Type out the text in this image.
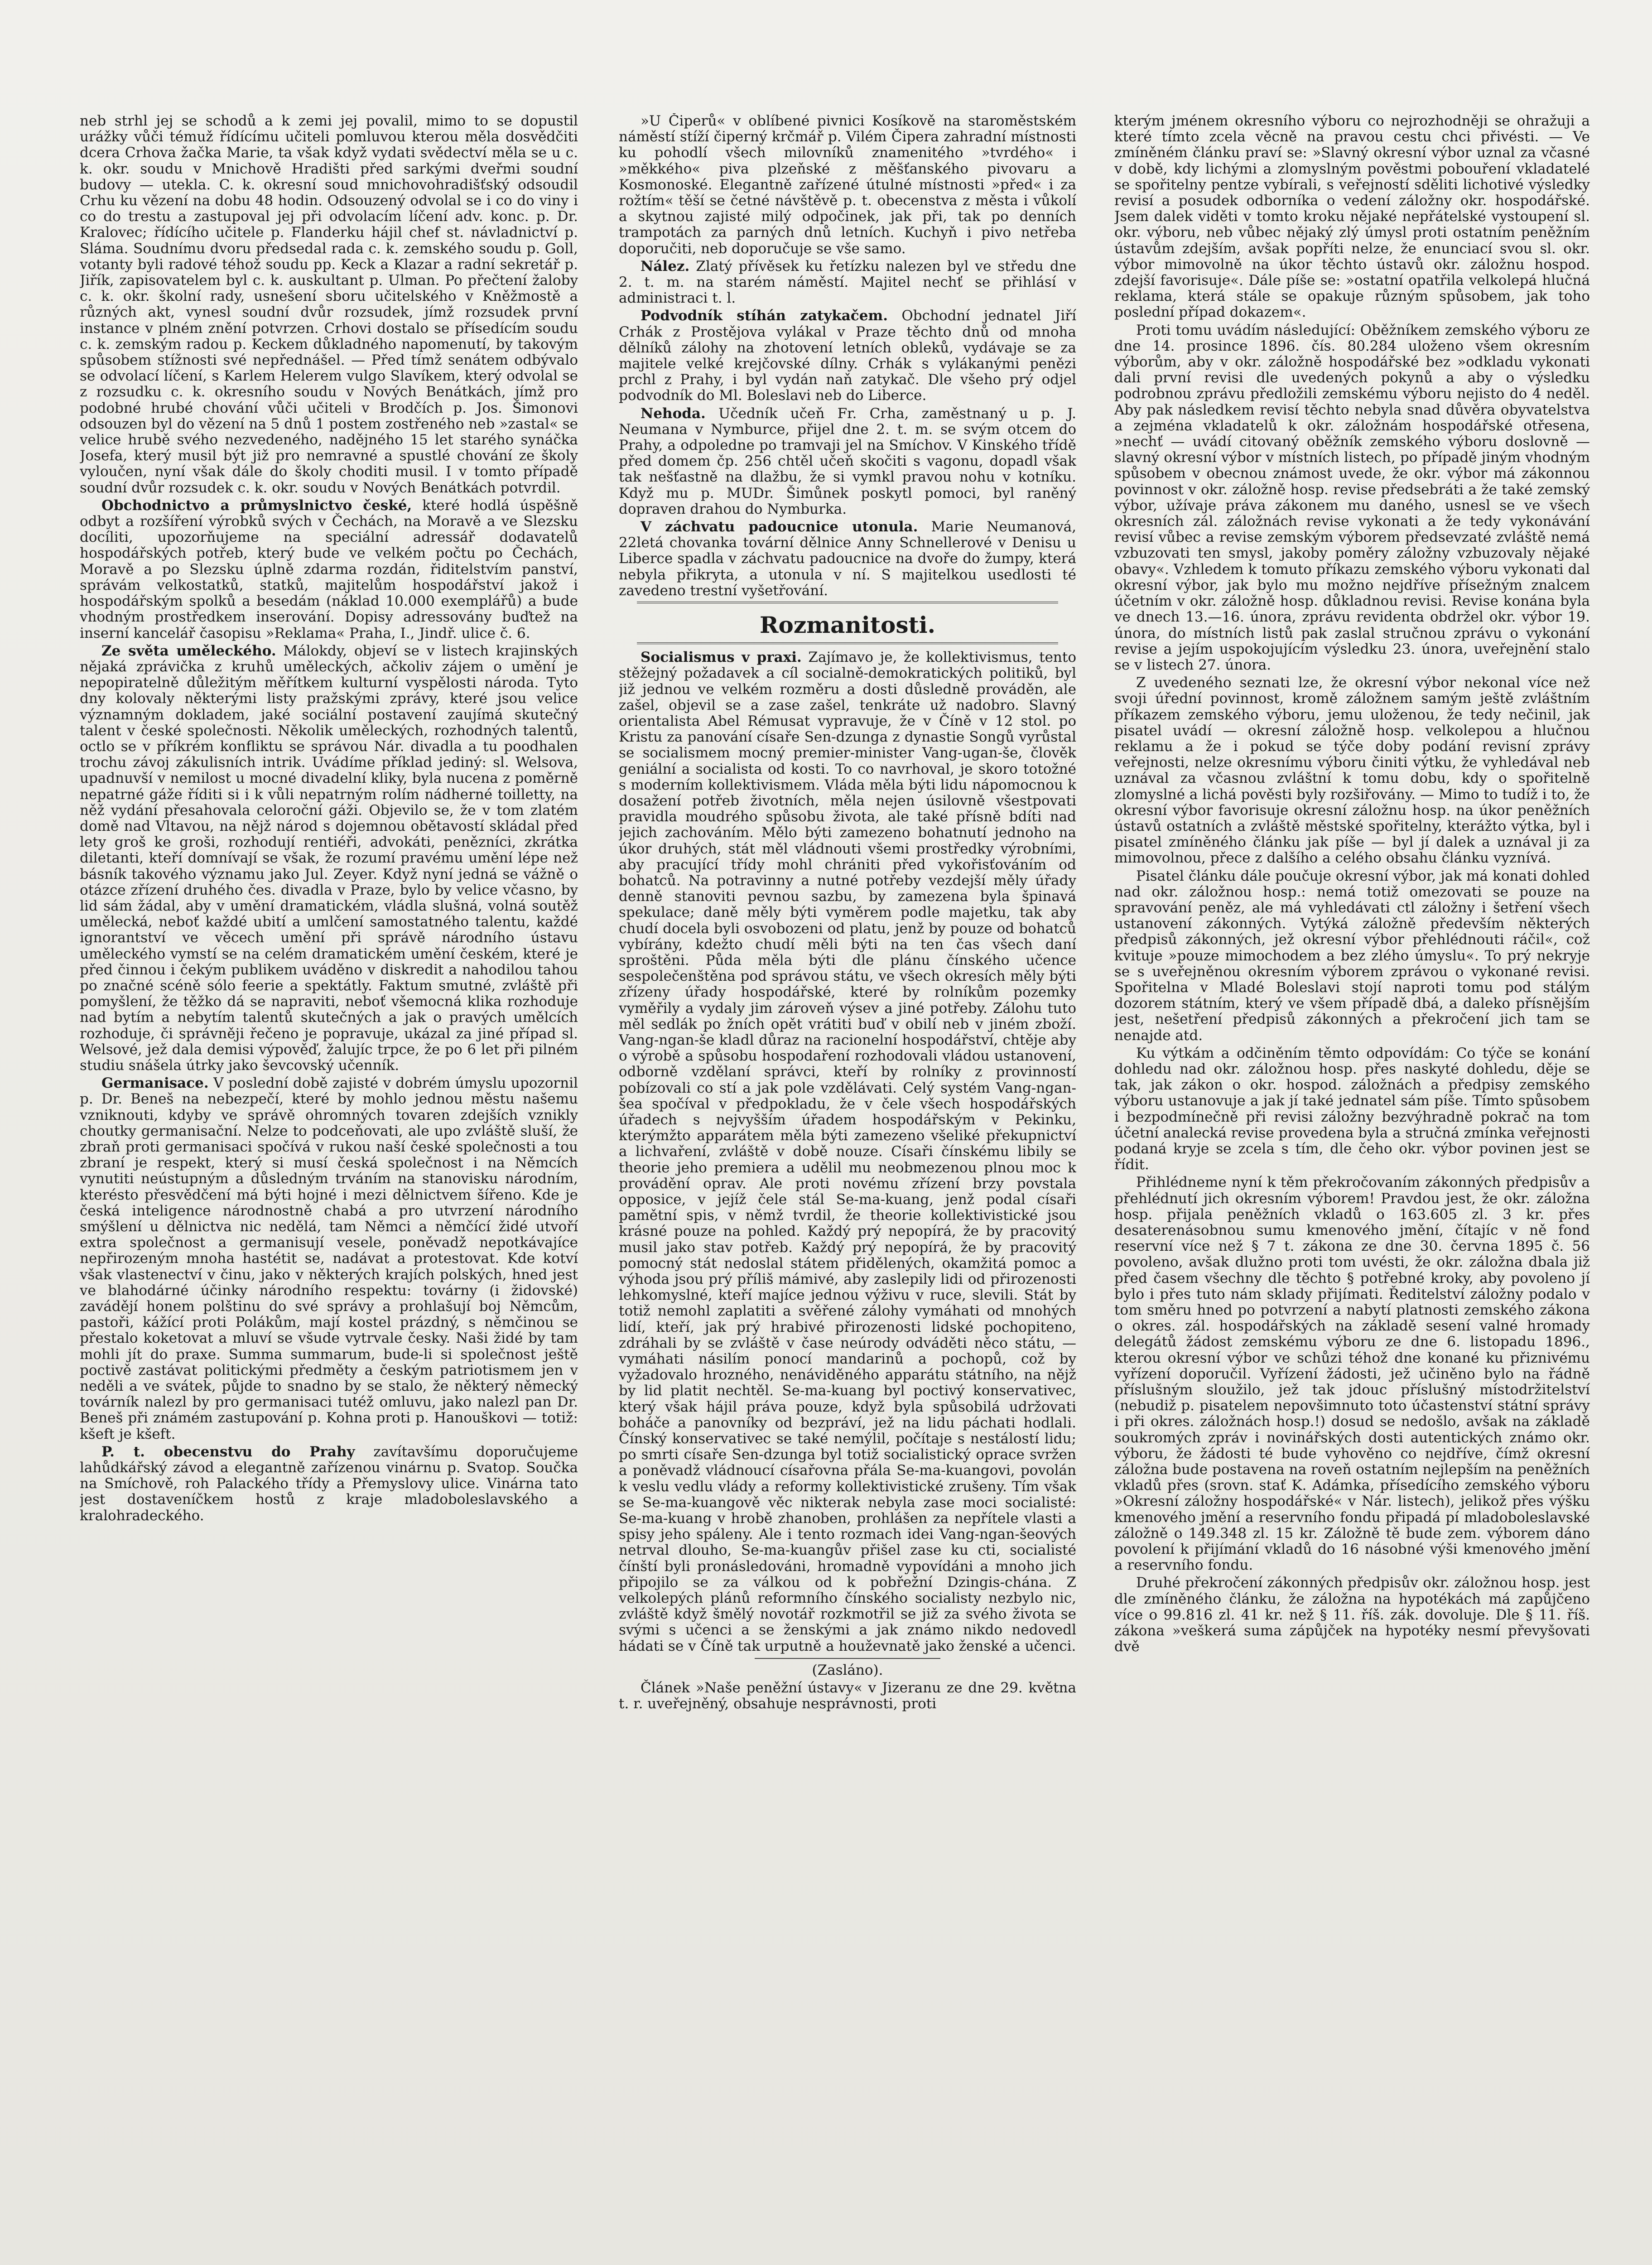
neb strhl jej se schodů a k zemi jej povalil, mimo to se dopustil urážky vůči témuž řídícímu učiteli pomluvou kterou měla dosvědčiti dcera Crhova žačka Marie, ta však když vydati svědectví měla se u c. k. okr. soudu v Mnichově Hradišti před sarkými dveřmi soudní budovy — utekla. C. k. okresní soud mnichovohradišťský odsoudil Crhu ku vězení na dobu 48 hodin. Odsouzený odvolal se i co do viny i co do trestu a zastupoval jej při odvolacím líčení adv. konc. p. Dr. Kralovec; řídícího učitele p. Flanderku hájil chef st. návladnictví p. Sláma. Soudnímu dvoru předsedal rada c. k. zemského soudu p. Goll, votanty byli radové téhož soudu pp. Keck a Klazar a radní sekretář p. Jiřík, zapisovatelem byl c. k. auskultant p. Ulman. Po přečtení žaloby c. k. okr. školní rady, usnešení sboru učitelského v Kněžmostě a různých akt, vynesl soudní dvůr rozsudek, jímž rozsudek první instance v plném znění potvrzen. Crhovi dostalo se přísedícím soudu c. k. zemským radou p. Keckem důkladného napomenutí, by takovým spůsobem stížnosti své nepřednášel. — Před tímž senátem odbývalo se odvolací líčení, s Karlem Helerem vulgo Slavíkem, který odvolal se z rozsudku c. k. okresního soudu v Nových Benátkách, jímž pro podobné hrubé chování vůči učiteli v Brodčích p. Jos. Šimonovi odsouzen byl do vězení na 5 dnů 1 postem zostřeného neb »zastal« se velice hrubě svého nezvedeného, nadějného 15 let starého synáčka Josefa, který musil být již pro nemravné a spustlé chování ze školy vyloučen, nyní však dále do školy choditi musil. I v tomto případě soudní dvůr rozsudek c. k. okr. soudu v Nových Benátkách potvrdil.

Obchodnictvo a průmyslnictvo české, které hodlá úspěšně odbyt a rozšíření výrobků svých v Čechách, na Moravě a ve Slezsku docíliti, upozorňujeme na speciální adressář dodavatelů hospodářských potřeb, který bude ve velkém počtu po Čechách, Moravě a po Slezsku úplně zdarma rozdán, řiditelstvím panství, správám velkostatků, statků, majitelům hospodářství jakož i hospodářským spolků a besedám (náklad 10.000 exemplářů) a bude vhodným prostředkem inserování. Dopisy adressovány buďtež na inserní kancelář časopisu »Reklama« Praha, I., Jindř. ulice č. 6.

Ze světa uměleckého. Málokdy, objeví se v listech krajinských nějaká zprávička z kruhů uměleckých, ačkoliv zájem o umění je nepopiratelně důležitým měřítkem kulturní vyspělosti národa. Tyto dny kolovaly některými listy pražskými zprávy, které jsou velice významným dokladem, jaké sociální postavení zaujímá skutečný talent v české společnosti. Několik uměleckých, rozhodných talentů, octlo se v příkrém konfliktu se správou Nár. divadla a tu poodhalen trochu závoj zákulisních intrik. Uvádíme příklad jediný: sl. Welsova, upadnuvší v nemilost u mocné divadelní kliky, byla nucena z poměrně nepatrné gáže říditi si i k vůli nepatrným rolím nádherné toilletty, na něž vydání přesahovala celoroční gáži. Objevilo se, že v tom zlatém domě nad Vltavou, na nějž národ s dojemnou obětavostí skládal před lety groš ke groši, rozhodují rentiéři, advokáti, penězníci, zkrátka diletanti, kteří domnívají se však, že rozumí pravému umění lépe než básník takového významu jako Jul. Zeyer. Když nyní jedná se vážně o otázce zřízení druhého čes. divadla v Praze, bylo by velice včasno, by lid sám žádal, aby v umění dramatickém, vládla slušná, volná soutěž umělecká, neboť každé ubití a umlčení samostatného talentu, každé ignorantství ve věcech umění při správě národního ústavu uměleckého vymstí se na celém dramatickém umění českém, které je před činnou i čekým publikem uváděno v diskredit a nahodilou tahou po značné scéně sólo feerie a spektátly. Faktum smutné, zvláště při pomyšlení, že těžko dá se napraviti, neboť všemocná klika rozhoduje nad bytím a nebytím talentů skutečných a jak o pravých umělcích rozhoduje, či správněji řečeno je popravuje, ukázal za jiné případ sl. Welsové, jež dala demisi výpověď, žalujíc trpce, že po 6 let při pilném studiu snášela útrky jako ševcovský učenník.

Germanisace. V poslední době zajisté v dobrém úmyslu upozornil p. Dr. Beneš na nebezpečí, které by mohlo jednou městu našemu vzniknouti, kdyby ve správě ohromných tovaren zdejších vznikly choutky germanisační. Nelze to podceňovati, ale upo zvláště sluší, že zbraň proti germanisaci spočívá v rukou naší české společnosti a tou zbraní je respekt, který si musí česká společnost i na Němcích vynutiti neústupným a důsledným trváním na stanovisku národním, kterésto přesvědčení má býti hojné i mezi dělnictvem šířeno. Kde je česká inteligence národnostně chabá a pro utvrzení národního smýšlení u dělnictva nic nedělá, tam Němci a němčící židé utvoří extra společnost a germanisují vesele, poněvadž nepotkávajíce nepřirozeným mnoha hastétit se, nadávat a protestovat. Kde kotví však vlastenectví v činu, jako v některých krajích polských, hned jest ve blahodárné účinky národního respektu: továrny (i židovské) zavádějí honem polštinu do své správy a prohlašují boj Němcům, pastoři, kážící proti Polákům, mají kostel prázdný, s němčinou se přestalo koketovat a mluví se všude vytrvale česky. Naši židé by tam mohli jít do praxe. Summa summarum, bude-li si společnost ještě poctivě zastávat politickými předměty a českým patriotismem jen v neděli a ve svátek, půjde to snadno by se stalo, že některý německý továrník nalezl by pro germanisaci tutéž omluvu, jako nalezl pan Dr. Beneš při známém zastupování p. Kohna proti p. Hanouškovi — totiž: kšeft je kšeft.

P. t. obecenstvu do Prahy zavítavšímu doporučujeme lahůdkářský závod a elegantně zařízenou vinárnu p. Svatop. Součka na Smíchově, roh Palackého třídy a Přemyslovy ulice. Vinárna tato jest dostaveníčkem hostů z kraje mladoboleslavského a kralohradeckého.

»U Čiperů« v oblíbené pivnici Kosíkově na staroměstském náměstí stíží čiperný krčmář p. Vilém Čipera zahradní místnosti ku pohodlí všech milovníků znamenitého »tvrdého« i »měkkého« piva plzeňské z měšťanského pivovaru a Kosmonoské. Elegantně zařízené útulné místnosti »před« i za rožtím« těší se četné návštěvě p. t. obecenstva z města i vůkolí a skytnou zajisté milý odpočinek, jak při, tak po denních trampotách za parných dnů letních. Kuchyň i pivo netřeba doporučiti, neb doporučuje se vše samo.

Nález. Zlatý přívěsek ku řetízku nalezen byl ve středu dne 2. t. m. na starém náměstí. Majitel nechť se přihlásí v administraci t. l.

Podvodník stíhán zatykačem. Obchodní jednatel Jiří Crhák z Prostějova vylákal v Praze těchto dnů od mnoha dělníků zálohy na zhotovení letních obleků, vydávaje se za majitele velké krejčovské dílny. Crhák s vylákanými penězi prchl z Prahy, i byl vydán naň zatykač. Dle všeho prý odjel podvodník do Ml. Boleslavi neb do Liberce.

Nehoda. Učedník učeň Fr. Crha, zaměstnaný u p. J. Neumana v Nymburce, přijel dne 2. t. m. se svým otcem do Prahy, a odpoledne po tramvaji jel na Smíchov. V Kinského třídě před domem čp. 256 chtěl učeň skočiti s vagonu, dopadl však tak nešťastně na dlažbu, že si vymkl pravou nohu v kotníku. Když mu p. MUDr. Šimůnek poskytl pomoci, byl raněný dopraven drahou do Nymburka.

V záchvatu padoucnice utonula. Marie Neumanová, 22letá chovanka tovární dělnice Anny Schnellerové v Denisu u Liberce spadla v záchvatu padoucnice na dvoře do žumpy, která nebyla přikryta, a utonula v ní. S majitelkou usedlosti té zavedeno trestní vyšetřování.

Rozmanitosti.

Socialismus v praxi. Zajímavo je, že kollektivismus, tento stěžejný požadavek a cíl socialně-demokratických politiků, byl již jednou ve velkém rozměru a dosti důsledně prováděn, ale zašel, objevil se a zase zašel, tenkráte už nadobro. Slavný orientalista Abel Rémusat vypravuje, že v Číně v 12 stol. po Kristu za panování císaře Sen-dzunga z dynastie Songů vyrůstal se socialismem mocný premier-minister Vang-ugan-še, člověk geniální a socialista od kosti. To co navrhoval, je skoro totožné s moderním kollektivismem. Vláda měla býti lidu nápomocnou k dosažení potřeb životních, měla nejen úsilovně všestpovati pravidla moudrého spůsobu života, ale také přísně bdíti nad jejich zachováním. Mělo býti zamezeno bohatnutí jednoho na úkor druhých, stát měl vládnouti všemi prostředky výrobními, aby pracující třídy mohl chrániti před vykořisťováním od bohatců. Na potravinny a nutné potřeby vezdejší měly úřady denně stanoviti pevnou sazbu, by zamezena byla špinavá spekulace; daně měly býti vyměrem podle majetku, tak aby chudí docela byli osvobozeni od platu, jenž by pouze od bohatců vybírány, kdežto chudí měli býti na ten čas všech daní sproštěni. Půda měla býti dle plánu čínského učence sespolečenštěna pod správou státu, ve všech okresích měly býti zřízeny úřady hospodářské, které by rolníkům pozemky vyměřily a vydaly jim zároveň výsev a jiné potřeby. Zálohu tuto měl sedlák po žních opět vrátiti buď v obilí neb v jiném zboží. Vang-ngan-še kladl důraz na racionelní hospodářství, chtěje aby o výrobě a spůsobu hospodaření rozhodovali vládou ustanovení, odborně vzdělaní správci, kteří by rolníky z provinností pobízovali co stí a jak pole vzdělávati. Celý systém Vang-ngan-šea spočíval v předpokladu, že v čele všech hospodářských úřadech s nejvyšším úřadem hospodářským v Pekinku, kterýmžto apparátem měla býti zamezeno všeliké překupnictví a lichvaření, zvláště v době nouze. Císaři čínskému libily se theorie jeho premiera a udělil mu neobmezenou plnou moc k provádění oprav. Ale proti novému zřízení brzy povstala opposice, v jejíž čele stál Se-ma-kuang, jenž podal císaři pamětní spis, v němž tvrdil, že theorie kollektivistické jsou krásné pouze na pohled. Každý prý nepopírá, že by pracovitý musil jako stav potřeb. Každý prý nepopírá, že by pracovitý pomocný stát nedoslal státem přidělených, okamžitá pomoc a výhoda jsou prý příliš mámivé, aby zaslepily lidi od přirozenosti lehkomyslné, kteří majíce jednou výživu v ruce, slevili. Stát by totiž nemohl zaplatiti a svěřené zálohy vymáhati od mnohých lidí, kteří, jak prý hrabivé přirozenosti lidské pochopiteno, zdráhali by se zvláště v čase neúrody odváděti něco státu, — vymáhati násilím ponocí mandarinů a pochopů, což by vyžadovalo hrozného, nenáviděného apparátu státního, na nějž by lid platit nechtěl. Se-ma-kuang byl poctivý konservativec, který však hájil práva pouze, když byla spůsobilá udržovati boháče a panovníky od bezpráví, jež na lidu páchati hodlali. Čínský konservativec se také nemýlil, počítaje s nestálostí lidu; po smrti císaře Sen-dzunga byl totiž socialistický oprace svržen a poněvadž vládnoucí císařovna přála Se-ma-kuangovi, povolán k veslu vedlu vlády a reformy kollektivistické zrušeny. Tím však se Se-ma-kuangově věc nikterak nebyla zase moci socialisté: Se-ma-kuang v hrobě zhanoben, prohlášen za nepřítele vlasti a spisy jeho spáleny. Ale i tento rozmach idei Vang-ngan-šeových netrval dlouho, Se-ma-kuangův přišel zase ku cti, socialisté čínští byli pronásledováni, hromadně vypovídáni a mnoho jich připojilo se za válkou od k pobřežní Dzingis-chána. Z velkolepých plánů reformního čínského socialisty nezbylo nic, zvláště když šmělý novotář rozkmotřil se již za svého života se svými s učenci a se ženskými a jak známo nikdo nedovedl hádati se v Číně tak urputně a houževnatě jako ženské a učenci.

(Zasláno).

Článek »Naše peněžní ústavy« v Jizeranu ze dne 29. května t. r. uveřejněný, obsahuje nesprávnosti, proti

kterým jménem okresního výboru co nejrozhodněji se ohražuji a které tímto zcela věcně na pravou cestu chci přivésti. — Ve zmíněném článku praví se: »Slavný okresní výbor uznal za včasné v době, kdy lichými a zlomyslným pověstmi pobouření vkladatelé se spořitelny pentze vybírali, s veřejností sděliti lichotivé výsledky revisí a posudek odborníka o vedení záložny okr. hospodářské. Jsem dalek viděti v tomto kroku nějaké nepřátelské vystoupení sl. okr. výboru, neb vůbec nějaký zlý úmysl proti ostatním peněžním ústavům zdejším, avšak popříti nelze, že enunciací svou sl. okr. výbor mimovolně na úkor těchto ústavů okr. záložnu hospod. zdejší favorisuje«. Dále píše se: »ostatní opatřila velkolepá hlučná reklama, která stále se opakuje různým spůsobem, jak toho poslední případ dokazem«.

Proti tomu uvádím následující: Oběžníkem zemského výboru ze dne 14. prosince 1896. čís. 80.284 uloženo všem okresním výborům, aby v okr. záložně hospodářské bez »odkladu vykonati dali první revisi dle uvedených pokynů a aby o výsledku podrobnou zprávu předložili zemskému výboru nejisto do 4 neděl. Aby pak následkem revisí těchto nebyla snad důvěra obyvatelstva a zejména vkladatelů k okr. záložnám hospodářské otřesena, »nechť — uvádí citovaný oběžník zemského výboru doslovně — slavný okresní výbor v místních listech, po případě jiným vhodným spůsobem v obecnou známost uvede, že okr. výbor má zákonnou povinnost v okr. záložně hosp. revise předsebráti a že také zemský výbor, užívaje práva zákonem mu daného, usnesl se ve všech okresních zál. záložnách revise vykonati a že tedy vykonávání revisí vůbec a revise zemským výborem předsevzaté zvláště nemá vzbuzovati ten smysl, jakoby poměry záložny vzbuzovaly nějaké obavy«. Vzhledem k tomuto příkazu zemského výboru vykonati dal okresní výbor, jak bylo mu možno nejdříve přísežným znalcem účetním v okr. záložně hosp. důkladnou revisi. Revise konána byla ve dnech 13.—16. února, zprávu revidenta obdržel okr. výbor 19. února, do místních listů pak zaslal stručnou zprávu o vykonání revise a jejím uspokojujícím výsledku 23. února, uveřejnění stalo se v listech 27. února.

Z uvedeného seznati lze, že okresní výbor nekonal více než svoji úřední povinnost, kromě záložnem samým ještě zvláštním příkazem zemského výboru, jemu uloženou, že tedy nečinil, jak pisatel uvádí — okresní záložně hosp. velkolepou a hlučnou reklamu a že i pokud se týče doby podání revisní zprávy veřejnosti, nelze okresnímu výboru činiti výtku, že vyhledával neb uznával za včasnou zvláštní k tomu dobu, kdy o spořitelně zlomyslné a lichá pověsti byly rozšiřovány. — Mimo to tudíž i to, že okresní výbor favorisuje okresní záložnu hosp. na úkor peněžních ústavů ostatních a zvláště městské spořitelny, kterážto výtka, byl i pisatel zmíněného článku jak píše — byl jí dalek a uznával ji za mimovolnou, přece z dalšího a celého obsahu článku vyznívá.

Pisatel článku dále poučuje okresní výbor, jak má konati dohled nad okr. záložnou hosp.: nemá totiž omezovati se pouze na spravování peněz, ale má vyhledávati ctl záložny i šetření všech ustanovení zákonných. Vytýká záložně především některých předpisů zákonných, jež okresní výbor přehlédnouti ráčil«, což kvituje »pouze mimochodem a bez zlého úmyslu«. To prý nekryje se s uveřejněnou okresním výborem zprávou o vykonané revisi. Spořitelna v Mladé Boleslavi stojí naproti tomu pod stálým dozorem státním, který ve všem případě dbá, a daleko přísnějším jest, nešetření předpisů zákonných a překročení jich tam se nenajde atd.

Ku výtkám a odčiněním těmto odpovídám: Co týče se konání dohledu nad okr. záložnou hosp. přes naskyté dohledu, děje se tak, jak zákon o okr. hospod. záložnách a předpisy zemského výboru ustanovuje a jak jí také jednatel sám píše. Tímto spůsobem i bezpodmínečně při revisi záložny bezvýhradně pokrač na tom účetní analecká revise provedena byla a stručná zmínka veřejnosti podaná kryje se zcela s tím, dle čeho okr. výbor povinen jest se řídit.

Přihlédneme nyní k těm překročovaním zákonných předpisův a přehlédnutí jich okresním výborem! Pravdou jest, že okr. záložna hosp. přijala peněžních vkladů o 163.605 zl. 3 kr. přes desaterenásobnou sumu kmenového jmění, čítajíc v ně fond reservní více než § 7 t. zákona ze dne 30. června 1895 č. 56 povoleno, avšak dlužno proti tom uvésti, že okr. záložna dbala již před časem všechny dle těchto § potřebné kroky, aby povoleno jí bylo i přes tuto nám sklady přijímati. Ředitelství záložny podalo v tom směru hned po potvrzení a nabytí platnosti zemského zákona o okres. zál. hospodářských na základě sesení valné hromady delegátů žádost zemskému výboru ze dne 6. listopadu 1896., kterou okresní výbor ve schůzi téhož dne konané ku přiznivému vyřízení doporučil. Vyřízení žádosti, jež učiněno bylo na řádně příslušným sloužilo, jež tak jdouc příslušný místodržitelství (nebudiž p. pisatelem nepovšimnuto toto účastenství státní správy i při okres. záložnách hosp.!) dosud se nedošlo, avšak na základě soukromých zpráv i novinářských dosti autentických známo okr. výboru, že žádosti té bude vyhověno co nejdříve, čímž okresní záložna bude postavena na roveň ostatním nejlepším na peněžních vkladů přes (srovn. stať K. Adámka, přísedícího zemského výboru »Okresní záložny hospodářské« v Nár. listech), jelikož přes výšku kmenového jmění a reservního fondu připadá pí mladoboleslavské záložně o 149.348 zl. 15 kr. Záložně tě bude zem. výborem dáno povolení k přijímání vkladů do 16 násobné výši kmenového jmění a reservního fondu.

Druhé překročení zákonných předpisův okr. záložnou hosp. jest dle zmíněného článku, že záložna na hypotékách má zapůjčeno více o 99.816 zl. 41 kr. než § 11. říš. zák. dovoluje. Dle § 11. říš. zákona »veškerá suma zápůjček na hypotéky nesmí převyšovati dvě
